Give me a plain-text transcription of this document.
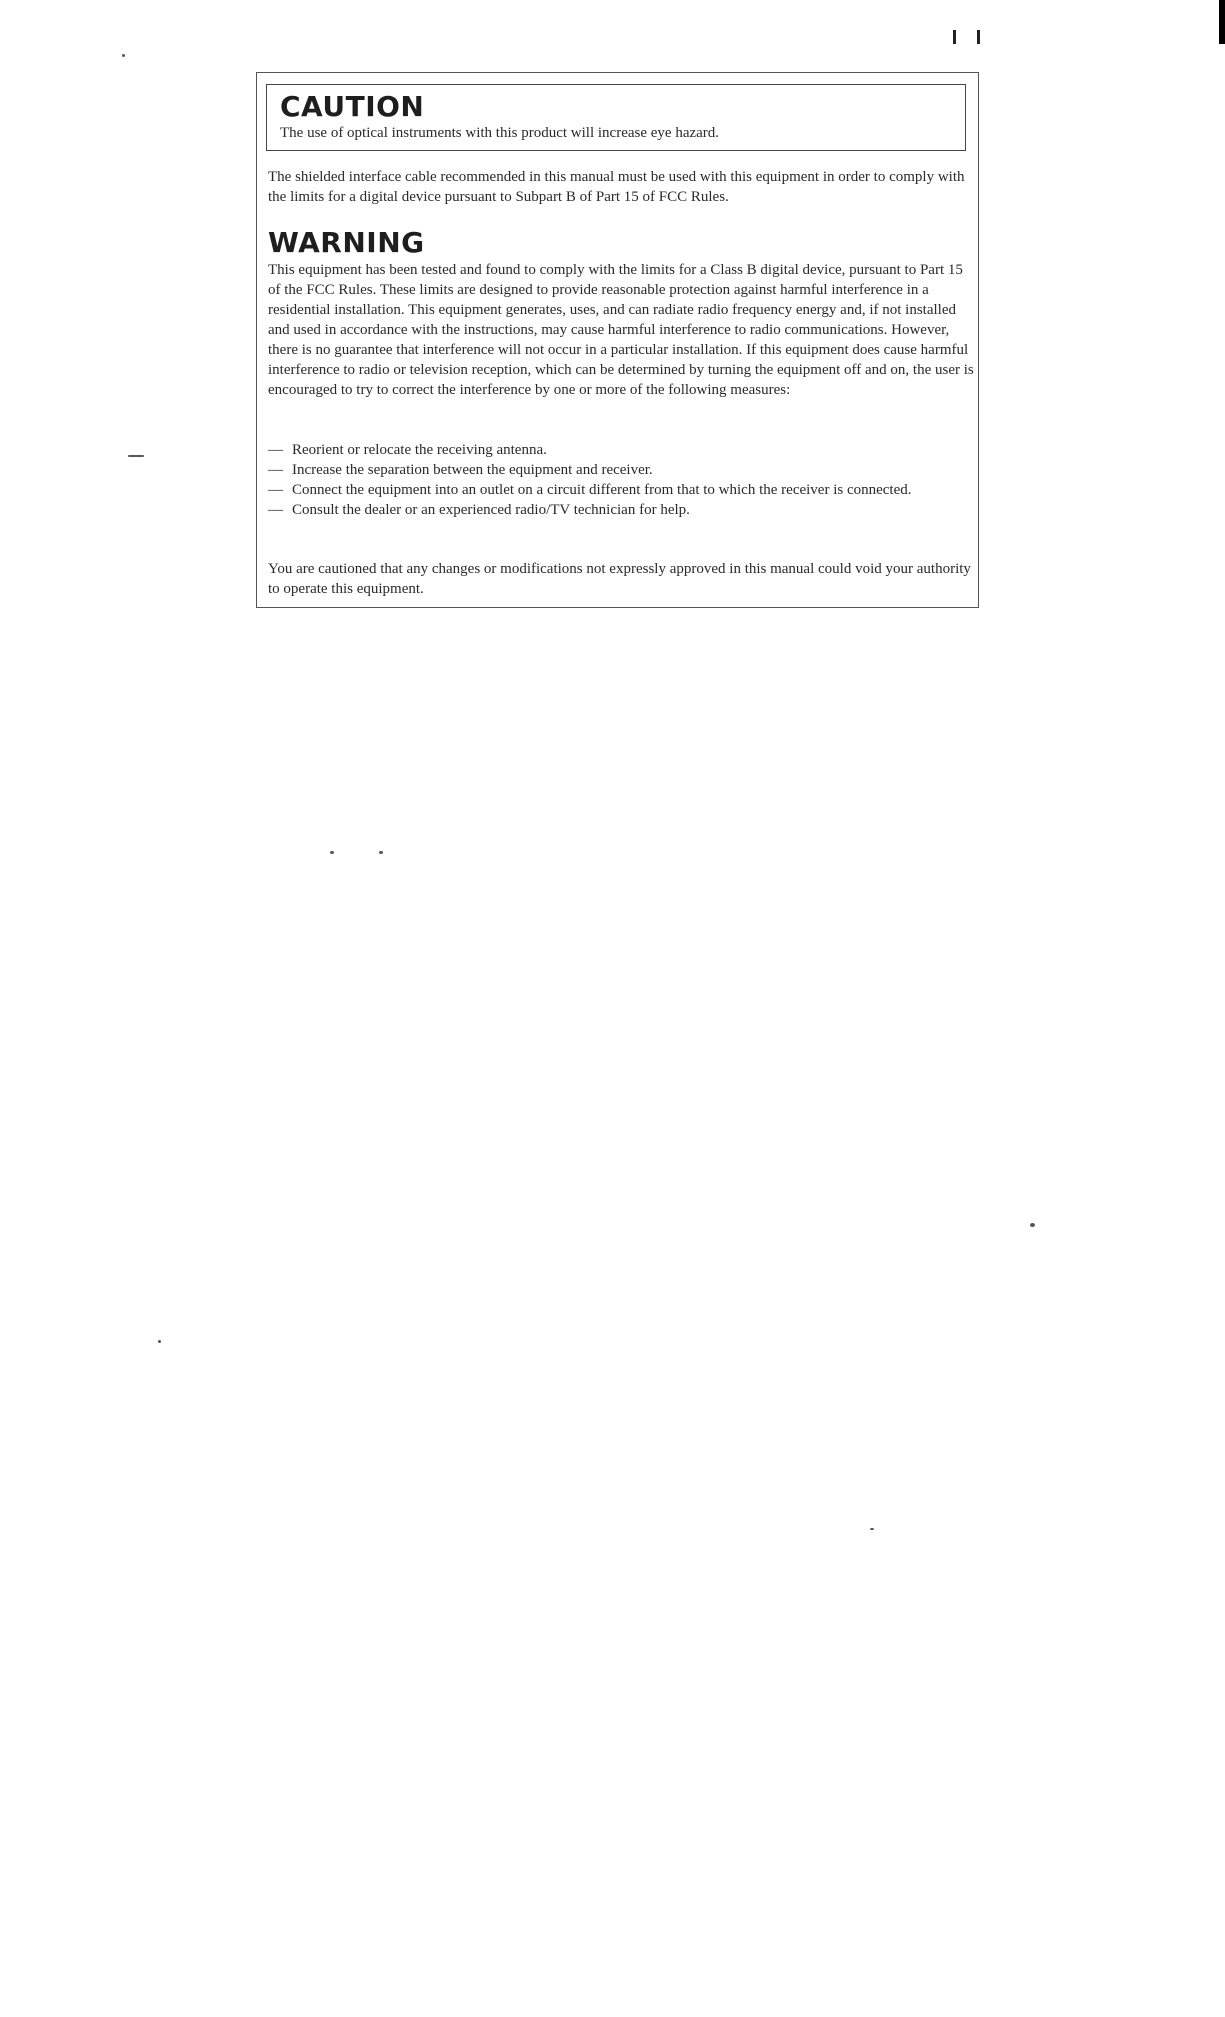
CAUTION

The use of optical instruments with this product will increase eye hazard.

The shielded interface cable recommended in this manual must be used with this equipment in order to comply with the limits for a digital device pursuant to Subpart B of Part 15 of FCC Rules.

WARNING

This equipment has been tested and found to comply with the limits for a Class B digital device, pursuant to Part 15 of the FCC Rules. These limits are designed to provide reasonable protection against harmful interference in a residential installation. This equipment generates, uses, and can radiate radio frequency energy and, if not installed and used in accordance with the instructions, may cause harmful interference to radio communications. However, there is no guarantee that interference will not occur in a particular installation. If this equipment does cause harmful interference to radio or television reception, which can be determined by turning the equipment off and on, the user is encouraged to try to correct the interference by one or more of the following measures:

— Reorient or relocate the receiving antenna.
— Increase the separation between the equipment and receiver.
— Connect the equipment into an outlet on a circuit different from that to which the receiver is connected.
— Consult the dealer or an experienced radio/TV technician for help.

You are cautioned that any changes or modifications not expressly approved in this manual could void your authority to operate this equipment.
